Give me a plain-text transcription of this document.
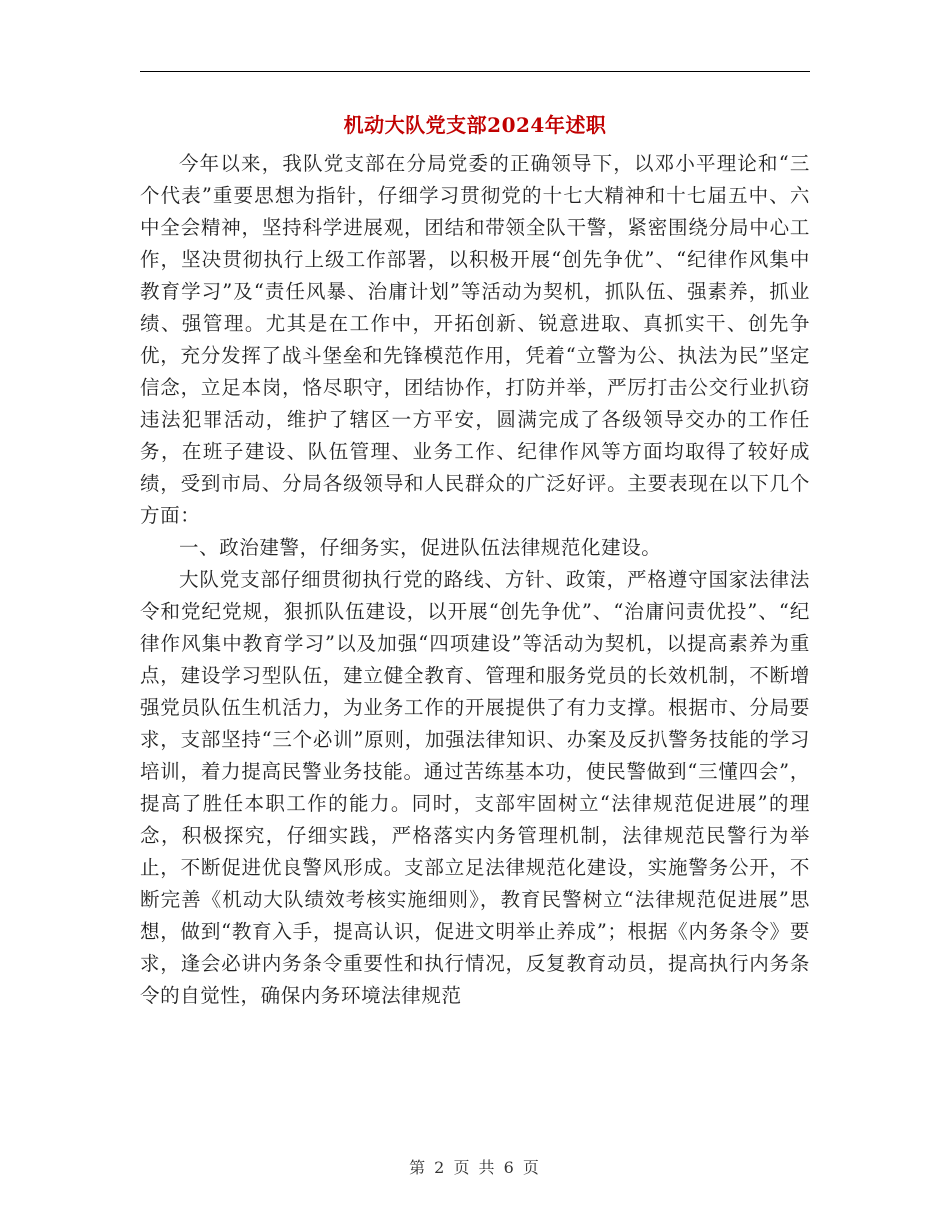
机动大队党支部2024年述职

今年以来，我队党支部在分局党委的正确领导下，以邓小平理论和“三个代表”重要思想为指针，仔细学习贯彻党的十七大精神和十七届五中、六中全会精神，坚持科学进展观，团结和带领全队干警，紧密围绕分局中心工作，坚决贯彻执行上级工作部署，以积极开展“创先争优”、“纪律作风集中教育学习”及“责任风暴、治庸计划”等活动为契机，抓队伍、强素养，抓业绩、强管理。尤其是在工作中，开拓创新、锐意进取、真抓实干、创先争优，充分发挥了战斗堡垒和先锋模范作用，凭着“立警为公、执法为民”坚定信念，立足本岗，恪尽职守，团结协作，打防并举，严厉打击公交行业扒窃违法犯罪活动，维护了辖区一方平安，圆满完成了各级领导交办的工作任务，在班子建设、队伍管理、业务工作、纪律作风等方面均取得了较好成绩，受到市局、分局各级领导和人民群众的广泛好评。主要表现在以下几个方面：

一、政治建警，仔细务实，促进队伍法律规范化建设。

大队党支部仔细贯彻执行党的路线、方针、政策，严格遵守国家法律法令和党纪党规，狠抓队伍建设，以开展“创先争优”、“治庸问责优投”、“纪律作风集中教育学习”以及加强“四项建设”等活动为契机，以提高素养为重点，建设学习型队伍，建立健全教育、管理和服务党员的长效机制，不断增强党员队伍生机活力，为业务工作的开展提供了有力支撑。根据市、分局要求，支部坚持“三个必训”原则，加强法律知识、办案及反扒警务技能的学习培训，着力提高民警业务技能。通过苦练基本功，使民警做到“三懂四会”，提高了胜任本职工作的能力。同时，支部牢固树立“法律规范促进展”的理念，积极探究，仔细实践，严格落实内务管理机制，法律规范民警行为举止，不断促进优良警风形成。支部立足法律规范化建设，实施警务公开，不断完善《机动大队绩效考核实施细则》，教育民警树立“法律规范促进展”思想，做到“教育入手，提高认识，促进文明举止养成”；根据《内务条令》要求，逢会必讲内务条令重要性和执行情况，反复教育动员，提高执行内务条令的自觉性，确保内务环境法律规范

第 2 页 共 6 页
